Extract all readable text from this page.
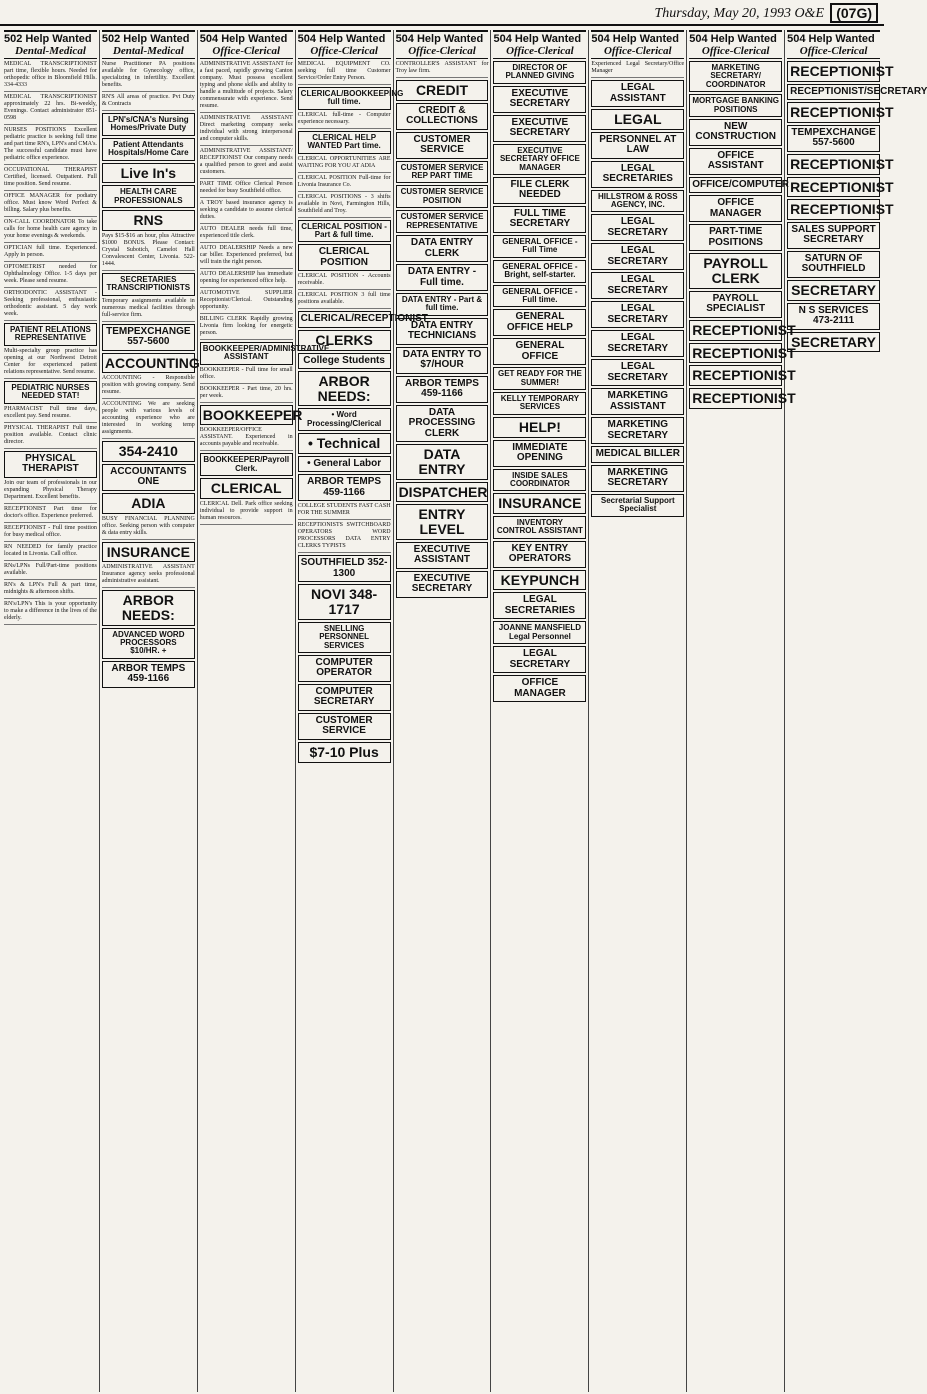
Thursday, May 20, 1993 O&E (07G)
502 Help Wanted
Dental-Medical
MEDICAL TRANSCRIPTIONIST part time, flexible hours. Needed for orthopedic office in Bloomfield Hills. 334-4333
MEDICAL TRANSCRIPTIONIST approximately 22 hrs. Bi-weekly, Evenings. Contact administrator 851-0598
NURSES POSITIONS Excellent pediatric practice is seeking full time and part time RN's, LPN's and CMA's. The successful candidate must have pediatric office experience.
OCCUPATIONAL THERAPIST Certified, licensed. Outpatient. Full time position. Send resume.
OFFICE MANAGER for podiatry office. Must know Word Perfect & billing. Salary plus benefits.
ON-CALL COORDINATOR To take calls for home health care agency in your home evenings & weekends.
OPTICIAN full time. Experienced. Apply in person.
OPTOMETRIST needed for Ophthalmology Office. 1-5 days per week. Please send resume.
ORTHODONTIC ASSISTANT - Seeking professional, enthusiastic orthodontic assistant. 5 day work week.
PATIENT RELATIONS REPRESENTATIVE
Multi-specialty group practice has opening at our Northwest Detroit Center for experienced patient relations representative. Send resume.
PEDIATRIC NURSES NEEDED STAT!
PHARMACIST Full time days, excellent pay. Send resume.
PHYSICAL THERAPIST Full time position available. Contact clinic director.
PHYSICAL THERAPIST
Join our team of professionals in our expanding Physical Therapy Department. Excellent benefits.
RECEPTIONIST Part time for doctor's office. Experience preferred.
RECEPTIONIST - Full time position for busy medical office.
RN NEEDED for family practice located in Livonia. Call office.
RNs/LPNs Full/Part-time positions available.
RN's & LPN's Full & part time, midnights & afternoon shifts.
RN's/LPN's This is your opportunity to make a difference in the lives of the elderly.
502 Help Wanted
Dental-Medical
Nurse Practitioner PA positions available for Gynecology office, specializing in infertility. Excellent benefits.
RN'S All areas of practice. Pvt Duty & Contracts
LPN's/CNA's Nursing Homes/Private Duty
Patient Attendants Hospitals/Home Care
Live In's
HEALTH CARE PROFESSIONALS
RNS
Pays $15-$16 an hour, plus Attractive $1000 BONUS. Please Contact: Crystal Subotich, Camelot Hall Convalescent Center, Livonia. 522-1444.
SECRETARIES TRANSCRIPTIONISTS
Temporary assignments available in numerous medical facilities through full-service firm.
TEMPEXCHANGE 557-5600
ACCOUNTING
ACCOUNTING - Responsible position with growing company. Send resume.
ACCOUNTING We are seeking people with various levels of accounting experience who are interested in working temp assignments.
354-2410
ACCOUNTANTS ONE
ADIA
BUSY FINANCIAL PLANNING office. Seeking person with computer & data entry skills.
INSURANCE
ADMINISTRATIVE ASSISTANT Insurance agency seeks professional administrative assistant.
ARBOR NEEDS:
ADVANCED WORD PROCESSORS $10/HR. +
ARBOR TEMPS 459-1166
504 Help Wanted
Office-Clerical
ADMINISTRATIVE ASSISTANT for a fast paced, rapidly growing Canton company. Must possess excellent typing and phone skills and ability to handle a multitude of projects. Salary commensurate with experience. Send resume.
ADMINISTRATIVE ASSISTANT Direct marketing company seeks individual with strong interpersonal and computer skills.
ADMINISTRATIVE ASSISTANT/ RECEPTIONIST Our company needs a qualified person to greet and assist customers.
PART TIME Office Clerical Person needed for busy Southfield office.
A TROY based insurance agency is seeking a candidate to assume clerical duties.
AUTO DEALER needs full time, experienced title clerk.
AUTO DEALERSHIP Needs a new car biller. Experienced preferred, but will train the right person.
AUTO DEALERSHIP has immediate opening for experienced office help.
AUTOMOTIVE SUPPLIER Receptionist/Clerical. Outstanding opportunity.
BILLING CLERK Rapidly growing Livonia firm looking for energetic person.
BOOKKEEPER/ADMINISTRATIVE ASSISTANT
BOOKKEEPER - Full time for small office.
BOOKKEEPER - Part time, 20 hrs. per week.
BOOKKEEPER
BOOKKEEPER/OFFICE ASSISTANT. Experienced in accounts payable and receivable.
BOOKKEEPER/Payroll Clerk.
CLERICAL
CLERICAL Dell. Park office seeking individual to provide support in human resources.
504 Help Wanted
Office-Clerical
MEDICAL EQUIPMENT CO. seeking full time Customer Service/Order Entry Person.
CLERICAL/BOOKKEEPING full time.
CLERICAL full-time - Computer experience necessary.
CLERICAL HELP WANTED Part time.
CLERICAL OPPORTUNITIES ARE WAITING FOR YOU AT ADIA
CLERICAL POSITION Full-time for Livonia Insurance Co.
CLERICAL POSITIONS - 3 shifts available in Novi, Farmington Hills, Southfield and Troy.
CLERICAL POSITION - Part & full time.
CLERICAL POSITION
CLERICAL POSITION - Accounts receivable.
CLERICAL POSITION 3 full time positions available.
CLERICAL/RECEPTIONIST
CLERKS
College Students
ARBOR NEEDS:
• Word Processing/Clerical
• Technical
• General Labor
ARBOR TEMPS 459-1166
COLLEGE STUDENTS FAST CASH FOR THE SUMMER
RECEPTIONISTS SWITCHBOARD OPERATORS WORD PROCESSORS DATA ENTRY CLERKS TYPISTS
SOUTHFIELD 352-1300
NOVI 348-1717
SNELLING PERSONNEL SERVICES
COMPUTER OPERATOR
COMPUTER SECRETARY
CUSTOMER SERVICE
$7-10 Plus
504 Help Wanted
Office-Clerical
CONTROLLER'S ASSISTANT for Troy law firm.
CREDIT
CREDIT & COLLECTIONS
CUSTOMER SERVICE
CUSTOMER SERVICE REP PART TIME
CUSTOMER SERVICE POSITION
CUSTOMER SERVICE REPRESENTATIVE
DATA ENTRY CLERK
DATA ENTRY - Full time.
DATA ENTRY - Part & full time.
DATA ENTRY TECHNICIANS
DATA ENTRY TO $7/HOUR
ARBOR TEMPS 459-1166
DATA PROCESSING CLERK
DATA ENTRY
DISPATCHER
ENTRY LEVEL
EXECUTIVE ASSISTANT
EXECUTIVE SECRETARY
504 Help Wanted
Office-Clerical
DIRECTOR OF PLANNED GIVING
EXECUTIVE SECRETARY
EXECUTIVE SECRETARY
EXECUTIVE SECRETARY OFFICE MANAGER
FILE CLERK NEEDED
FULL TIME SECRETARY
GENERAL OFFICE - Full Time
GENERAL OFFICE - Bright, self-starter.
GENERAL OFFICE - Full time.
GENERAL OFFICE HELP
GENERAL OFFICE
GET READY FOR THE SUMMER!
KELLY TEMPORARY SERVICES
HELP!
IMMEDIATE OPENING
INSIDE SALES COORDINATOR
INSURANCE
INVENTORY CONTROL ASSISTANT
KEY ENTRY OPERATORS
KEYPUNCH
LEGAL SECRETARIES
JOANNE MANSFIELD Legal Personnel
LEGAL SECRETARY
OFFICE MANAGER
504 Help Wanted
Office-Clerical
Experienced Legal Secretary/Office Manager
LEGAL ASSISTANT
LEGAL
PERSONNEL AT LAW
LEGAL SECRETARIES
HILLSTROM & ROSS AGENCY, INC.
LEGAL SECRETARY
LEGAL SECRETARY
LEGAL SECRETARY
LEGAL SECRETARY
LEGAL SECRETARY
LEGAL SECRETARY
MARKETING ASSISTANT
MARKETING SECRETARY
MEDICAL BILLER
MARKETING SECRETARY
Secretarial Support Specialist
504 Help Wanted
Office-Clerical
MARKETING SECRETARY/ COORDINATOR
MORTGAGE BANKING POSITIONS
NEW CONSTRUCTION
OFFICE ASSISTANT
OFFICE/COMPUTER
OFFICE MANAGER
PART-TIME POSITIONS
PAYROLL CLERK
PAYROLL SPECIALIST
RECEPTIONIST
RECEPTIONIST
RECEPTIONIST
RECEPTIONIST
504 Help Wanted
Office-Clerical
RECEPTIONIST
RECEPTIONIST/SECRETARY
RECEPTIONIST
TEMPEXCHANGE 557-5600
RECEPTIONIST
RECEPTIONIST
RECEPTIONIST
SALES SUPPORT SECRETARY
SATURN OF SOUTHFIELD
SECRETARY
N S SERVICES 473-2111
SECRETARY
